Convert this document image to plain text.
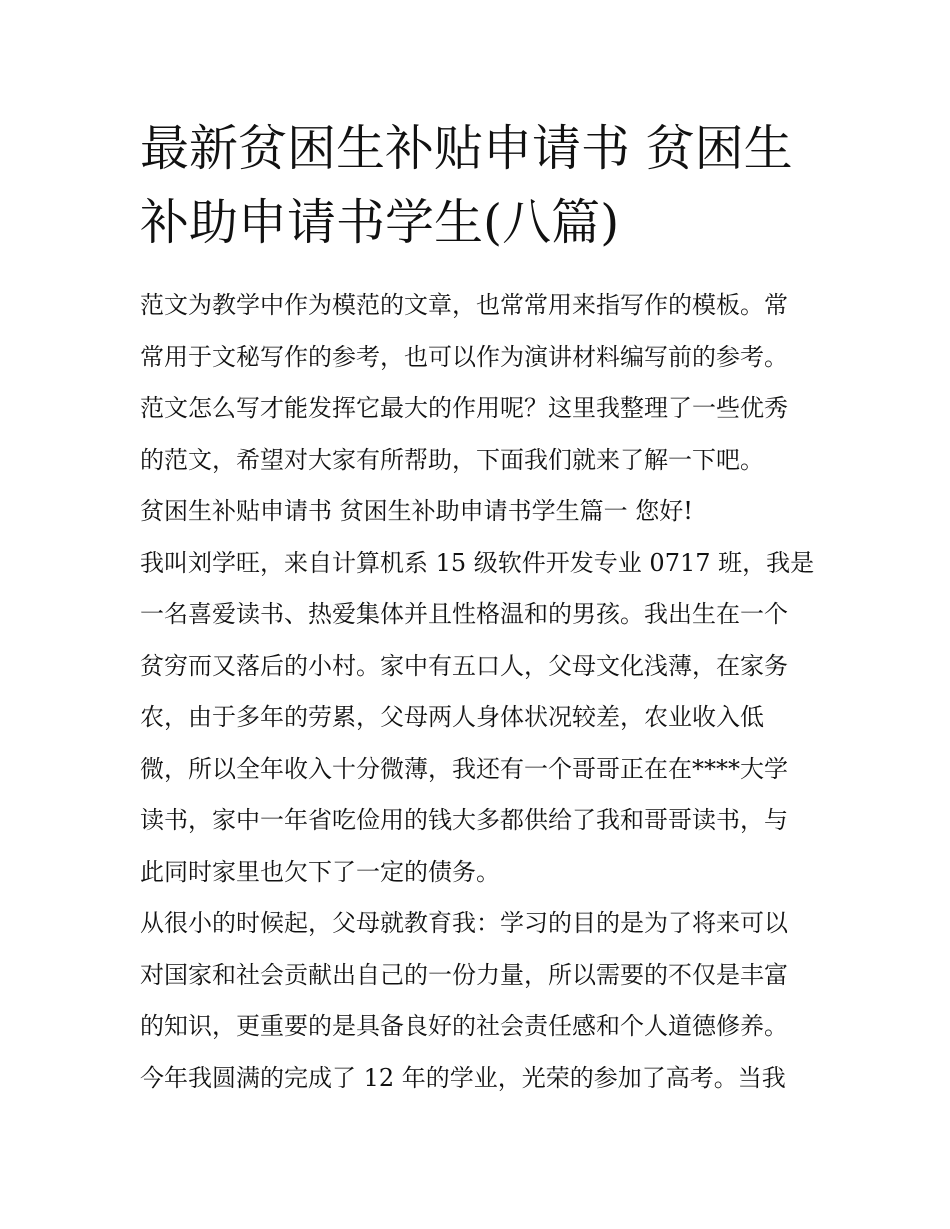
最新贫困生补贴申请书 贫困生
补助申请书学生(八篇)
范文为教学中作为模范的文章，也常常用来指写作的模板。常
常用于文秘写作的参考，也可以作为演讲材料编写前的参考。
范文怎么写才能发挥它最大的作用呢？这里我整理了一些优秀
的范文，希望对大家有所帮助，下面我们就来了解一下吧。
贫困生补贴申请书 贫困生补助申请书学生篇一 您好!
我叫刘学旺，来自计算机系 15 级软件开发专业 0717 班，我是
一名喜爱读书、热爱集体并且性格温和的男孩。我出生在一个
贫穷而又落后的小村。家中有五口人，父母文化浅薄，在家务
农，由于多年的劳累，父母两人身体状况较差，农业收入低
微，所以全年收入十分微薄，我还有一个哥哥正在在****大学
读书，家中一年省吃俭用的钱大多都供给了我和哥哥读书，与
此同时家里也欠下了一定的债务。
从很小的时候起，父母就教育我：学习的目的是为了将来可以
对国家和社会贡献出自己的一份力量，所以需要的不仅是丰富
的知识，更重要的是具备良好的社会责任感和个人道德修养。
今年我圆满的完成了 12 年的学业，光荣的参加了高考。当我
